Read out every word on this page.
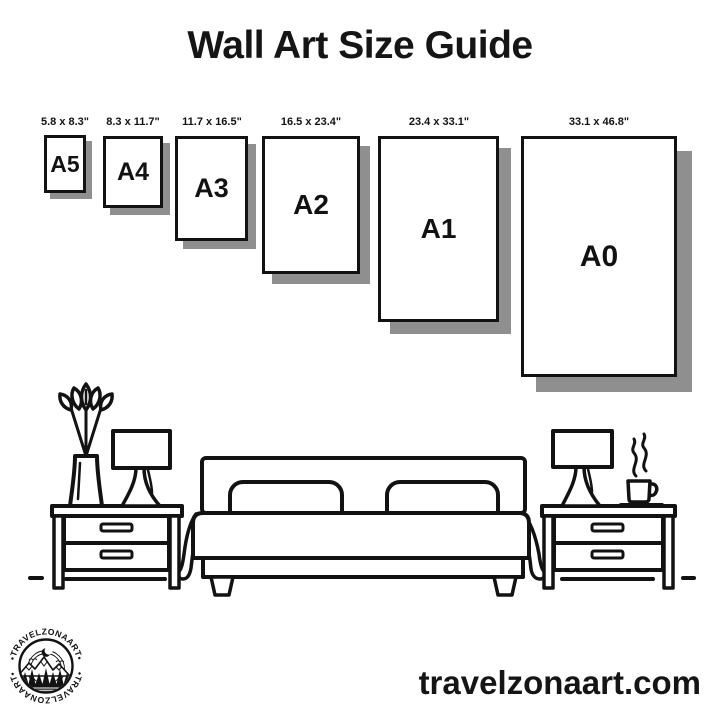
Wall Art Size Guide
5.8 x 8.3"	8.3 x 11.7"	11.7 x 16.5"	16.5 x 23.4"	23.4 x 33.1"	33.1 x 46.8"
A5 A4
A3
A2
A1
A0
•TRAVELZONAART•
•TRAVELZONAART•	travelzonaart.com
